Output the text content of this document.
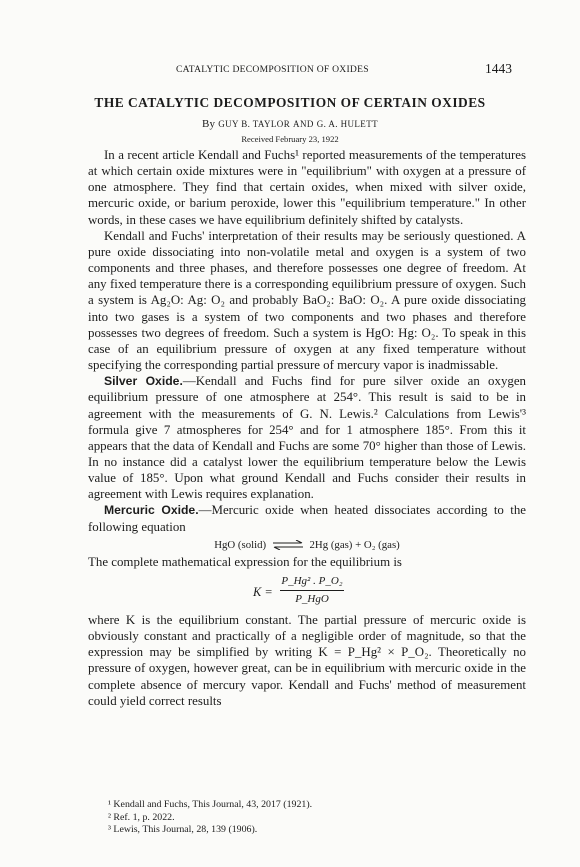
CATALYTIC DECOMPOSITION OF OXIDES	1443
THE CATALYTIC DECOMPOSITION OF CERTAIN OXIDES
By GUY B. TAYLOR AND G. A. HULETT
Received February 23, 1922

In a recent article Kendall and Fuchs¹ reported measurements of the temperatures at which certain oxide mixtures were in "equilibrium" with oxygen at a pressure of one atmosphere. They find that certain oxides, when mixed with silver oxide, mercuric oxide, or barium peroxide, lower this "equilibrium temperature." In other words, in these cases we have equilibrium definitely shifted by catalysts.

Kendall and Fuchs' interpretation of their results may be seriously questioned. A pure oxide dissociating into non-volatile metal and oxygen is a system of two components and three phases, and therefore possesses one degree of freedom. At any fixed temperature there is a corresponding equilibrium pressure of oxygen. Such a system is Ag₂O: Ag: O₂ and probably BaO₂: BaO: O₂. A pure oxide dissociating into two gases is a system of two components and two phases and therefore possesses two degrees of freedom. Such a system is HgO: Hg: O₂. To speak in this case of an equilibrium pressure of oxygen at any fixed temperature without specifying the corresponding partial pressure of mercury vapor is inadmissable.

Silver Oxide.—Kendall and Fuchs find for pure silver oxide an oxygen equilibrium pressure of one atmosphere at 254°. This result is said to be in agreement with the measurements of G. N. Lewis.² Calculations from Lewis'³ formula give 7 atmospheres for 254° and for 1 atmosphere 185°. From this it appears that the data of Kendall and Fuchs are some 70° higher than those of Lewis. In no instance did a catalyst lower the equilibrium temperature below the Lewis value of 185°. Upon what ground Kendall and Fuchs consider their results in agreement with Lewis requires explanation.

Mercuric Oxide.—Mercuric oxide when heated dissociates according to the following equation

HgO (solid) ⇌ 2Hg (gas) + O₂ (gas)

The complete mathematical expression for the equilibrium is

K =
P_Hg² . P_O₂
P_HgO

where K is the equilibrium constant. The partial pressure of mercuric oxide is obviously constant and practically of a negligible order of magnitude, so that the expression may be simplified by writing K = P_Hg² × P_O₂. Theoretically no pressure of oxygen, however great, can be in equilibrium with mercuric oxide in the complete absence of mercury vapor. Kendall and Fuchs' method of measurement could yield correct results

¹ Kendall and Fuchs, This Journal, 43, 2017 (1921).
² Ref. 1, p. 2022.
³ Lewis, This Journal, 28, 139 (1906).
